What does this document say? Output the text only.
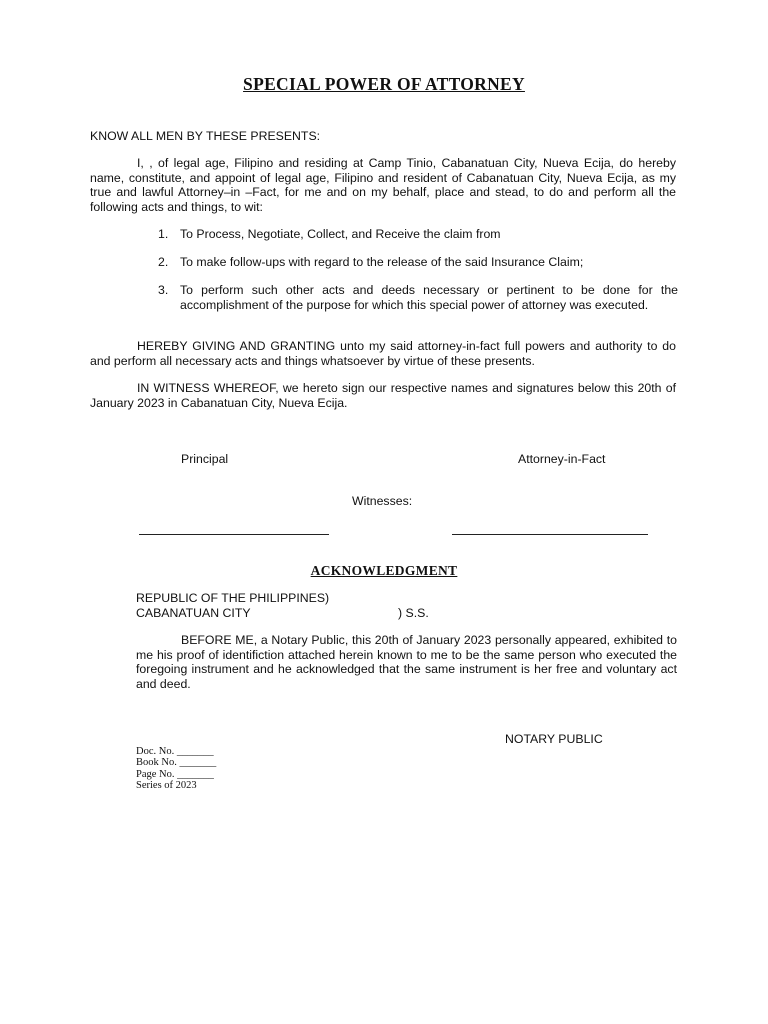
SPECIAL POWER OF ATTORNEY
KNOW ALL MEN BY THESE PRESENTS:
I, , of legal age, Filipino and residing at Camp Tinio, Cabanatuan City, Nueva Ecija, do hereby name, constitute, and appoint of legal age, Filipino and resident of Cabanatuan City, Nueva Ecija, as my true and lawful Attorney–in –Fact, for me and on my behalf, place and stead, to do and perform all the following acts and things, to wit:
1. To Process, Negotiate, Collect, and Receive the claim from
2. To make follow-ups with regard to the release of the said Insurance Claim;
3. To perform such other acts and deeds necessary or pertinent to be done for the accomplishment of the purpose for which this special power of attorney was executed.
HEREBY GIVING AND GRANTING unto my said attorney-in-fact full powers and authority to do and perform all necessary acts and things whatsoever by virtue of these presents.
IN WITNESS WHEREOF, we hereto sign our respective names and signatures below this 20th of January 2023 in Cabanatuan City, Nueva Ecija.
Principal	Attorney-in-Fact
Witnesses:
ACKNOWLEDGMENT
REPUBLIC OF THE PHILIPPINES)
CABANATUAN CITY	) S.S.
BEFORE ME, a Notary Public, this 20th of January 2023 personally appeared, exhibited to me his proof of identifiction attached herein known to me to be the same person who executed the foregoing instrument and he acknowledged that the same instrument is her free and voluntary act and deed.
NOTARY PUBLIC
Doc. No. _______
Book No. _______
Page No. _______
Series of 2023
